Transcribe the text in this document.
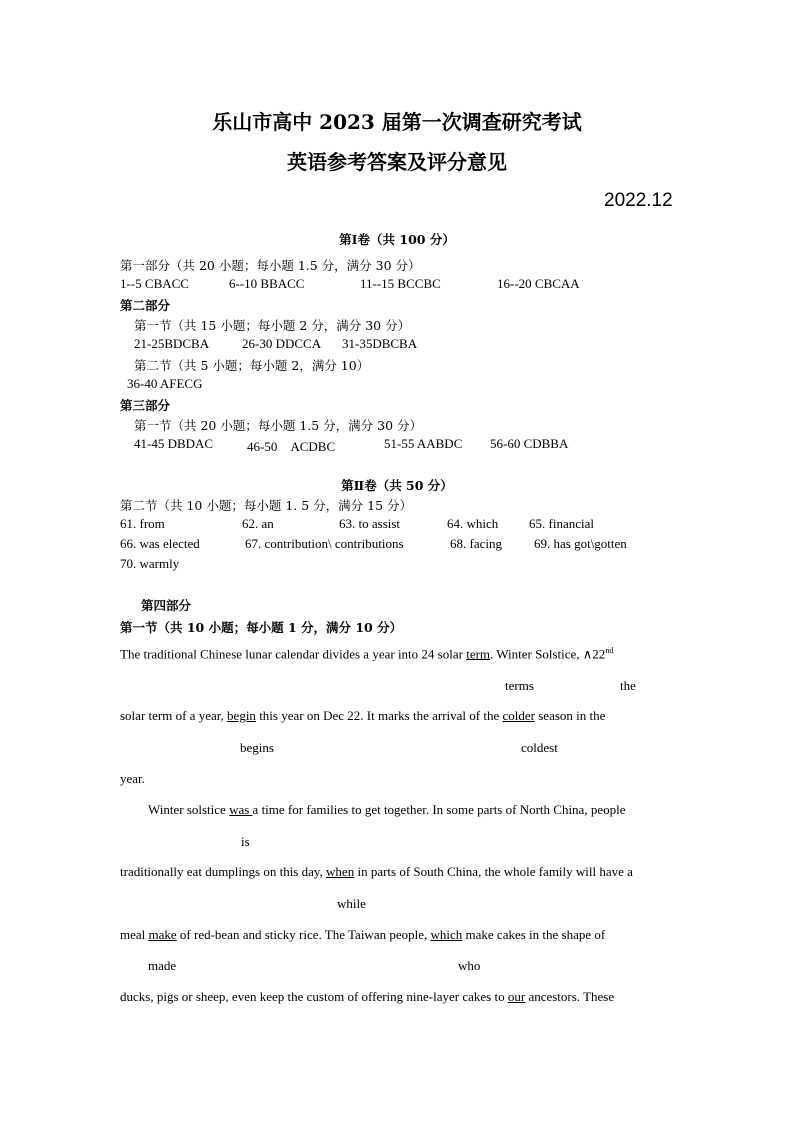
乐山市高中 2023 届第一次调查研究考试
英语参考答案及评分意见
2022.12
第Ⅰ卷（共 100 分）
第一部分（共 20 小题；每小题 1.5 分，满分 30 分）
1--5 CBACC	6--10 BBACC	11--15 BCCBC	16--20 CBCAA
第二部分
第一节（共 15 小题；每小题 2 分，满分 30 分）
21-25BDCBA	26-30 DDCCA 31-35DBCBA
第二节（共 5 小题；每小题 2，满分 10）
36-40 AFECG
第三部分
第一节（共 20 小题；每小题 1.5 分，满分 30 分）
41-45 DBDAC	46-50　ACDBC	51-55 AABDC 56-60 CDBBA
第Ⅱ卷（共 50 分）
第二节（共 10 小题；每小题 1. 5 分，满分 15 分）
61. from	62. an	63. to assist	64. which 65. financial
66. was elected	67. contribution\ contributions	68. facing 69. has got\gotten
70. warmly
第四部分
第一节（共 10 小题；每小题 1 分，满分 10 分）
The traditional Chinese lunar calendar divides a year into 24 solar term. Winter Solstice, ∧22nd
terms	the
solar term of a year, begin this year on Dec 22. It marks the arrival of the colder season in the
begins	coldest
year.
Winter solstice was a time for families to get together. In some parts of North China, people
is
traditionally eat dumplings on this day, when in parts of South China, the whole family will have a
while
meal make of red-bean and sticky rice. The Taiwan people, which make cakes in the shape of
made	who
ducks, pigs or sheep, even keep the custom of offering nine-layer cakes to our ancestors. These
